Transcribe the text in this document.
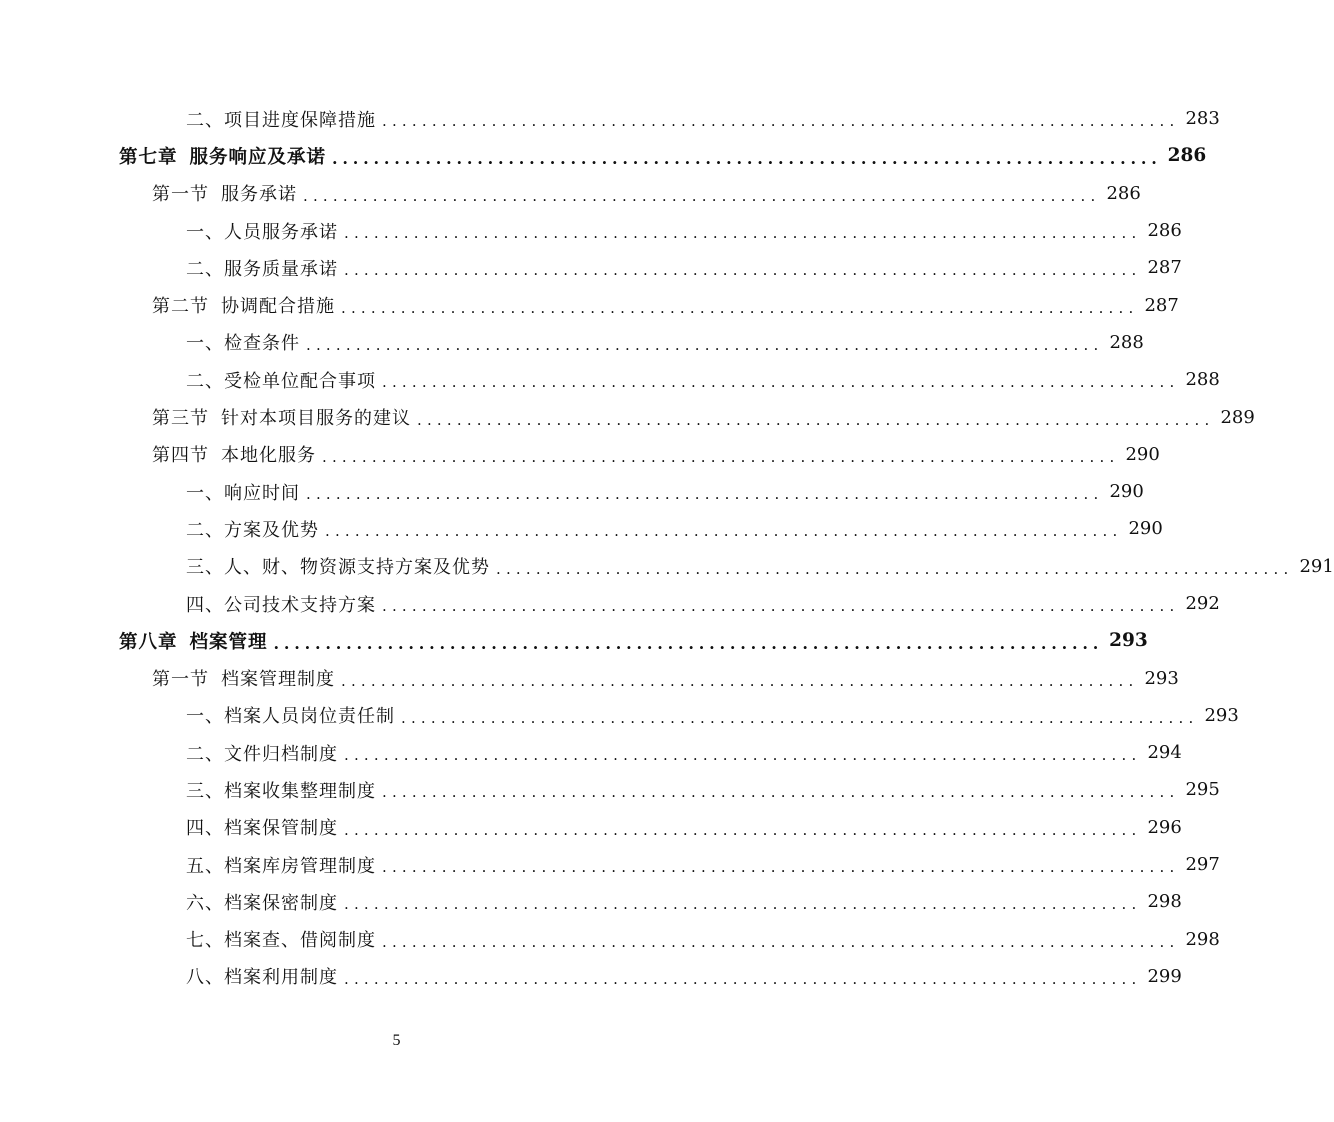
二、项目进度保障措施 ................................................................................ 283
第七章 服务响应及承诺 ................................................................................ 286
第一节 服务承诺 ................................................................................ 286
一、人员服务承诺 ................................................................................ 286
二、服务质量承诺 ................................................................................ 287
第二节 协调配合措施 ................................................................................ 287
一、检查条件 ................................................................................ 288
二、受检单位配合事项 ................................................................................ 288
第三节 针对本项目服务的建议 ................................................................................ 289
第四节 本地化服务 ................................................................................ 290
一、响应时间 ................................................................................ 290
二、方案及优势 ................................................................................ 290
三、人、财、物资源支持方案及优势 ................................................................................ 291
四、公司技术支持方案 ................................................................................ 292
第八章 档案管理 ................................................................................ 293
第一节 档案管理制度 ................................................................................ 293
一、档案人员岗位责任制 ................................................................................ 293
二、文件归档制度 ................................................................................ 294
三、档案收集整理制度 ................................................................................ 295
四、档案保管制度 ................................................................................ 296
五、档案库房管理制度 ................................................................................ 297
六、档案保密制度 ................................................................................ 298
七、档案查、借阅制度 ................................................................................ 298
八、档案利用制度 ................................................................................ 299
5
